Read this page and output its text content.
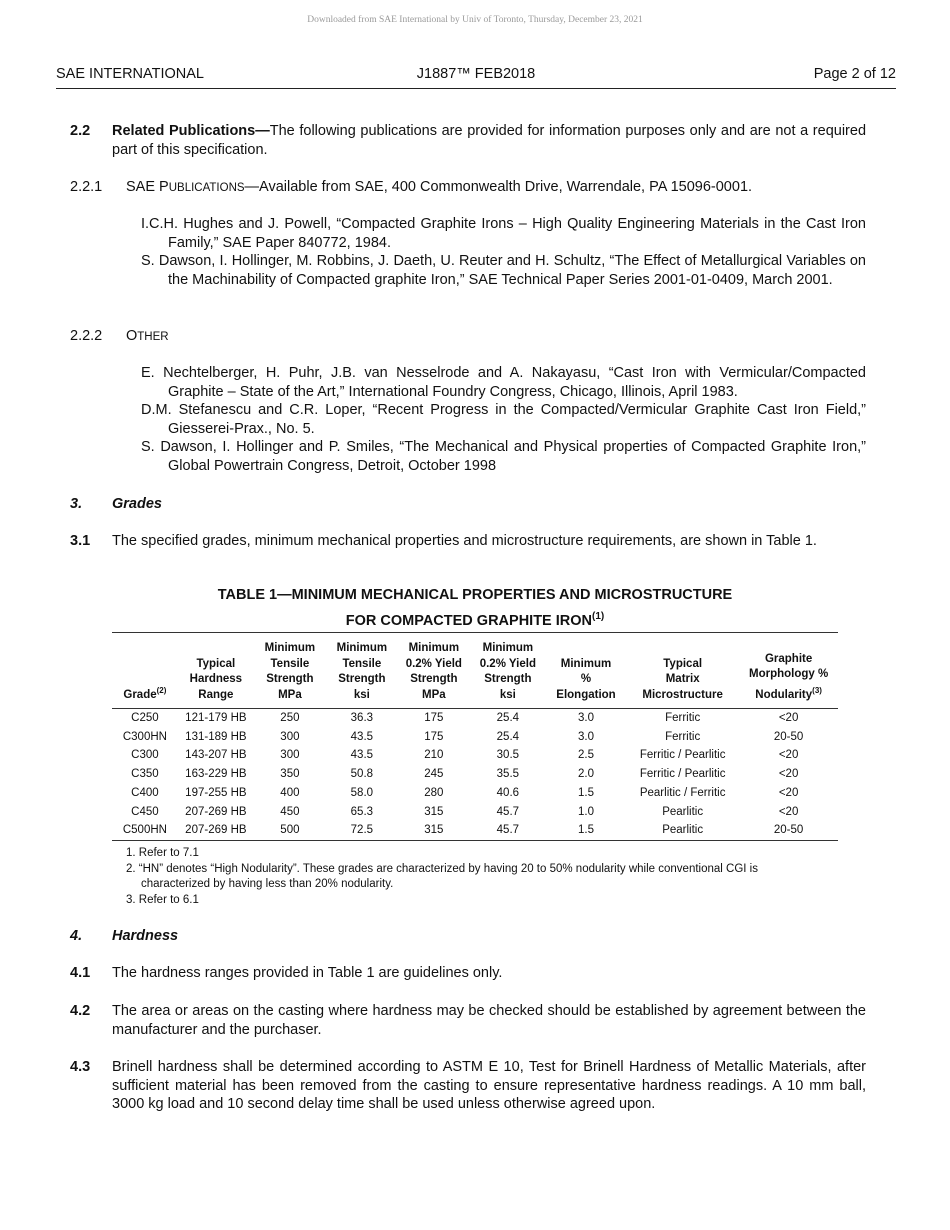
Downloaded from SAE International by Univ of Toronto, Thursday, December 23, 2021
SAE INTERNATIONAL	J1887™ FEB2018	Page 2 of 12
2.2 Related Publications—The following publications are provided for information purposes only and are not a required part of this specification.
2.2.1 SAE PUBLICATIONS—Available from SAE, 400 Commonwealth Drive, Warrendale, PA 15096-0001.

I.C.H. Hughes and J. Powell, “Compacted Graphite Irons – High Quality Engineering Materials in the Cast Iron Family,” SAE Paper 840772, 1984.

S. Dawson, I. Hollinger, M. Robbins, J. Daeth, U. Reuter and H. Schultz, “The Effect of Metallurgical Variables on the Machinability of Compacted graphite Iron,” SAE Technical Paper Series 2001-01-0409, March 2001.

2.2.2 OTHER

E. Nechtelberger, H. Puhr, J.B. van Nesselrode and A. Nakayasu, “Cast Iron with Vermicular/Compacted Graphite – State of the Art,” International Foundry Congress, Chicago, Illinois, April 1983.

D.M. Stefanescu and C.R. Loper, “Recent Progress in the Compacted/Vermicular Graphite Cast Iron Field,” Giesserei-Prax., No. 5.

S. Dawson, I. Hollinger and P. Smiles, “The Mechanical and Physical properties of Compacted Graphite Iron,” Global Powertrain Congress, Detroit, October 1998

3. Grades
3.1 The specified grades, minimum mechanical properties and microstructure requirements, are shown in Table 1.
TABLE 1—MINIMUM MECHANICAL PROPERTIES AND MICROSTRUCTURE
FOR COMPACTED GRAPHITE IRON$^{(1)}$
Grade$^{(2)}$	Typical
Hardness
Range	Minimum
Tensile
Strength
MPa	Minimum
Tensile
Strength
ksi	Minimum
0.2% Yield
Strength
MPa	Minimum
0.2% Yield
Strength
ksi	Minimum
%
Elongation	Typical
Matrix
Microstructure	Graphite
Morphology %
Nodularity$^{(3)}$
C250	121-179 HB	250	36.3	175	25.4	3.0	Ferritic	<20
C300HN	131-189 HB	300	43.5	175	25.4	3.0	Ferritic	20-50
C300	143-207 HB	300	43.5	210	30.5	2.5	Ferritic / Pearlitic	<20
C350	163-229 HB	350	50.8	245	35.5	2.0	Ferritic / Pearlitic	<20
C400	197-255 HB	400	58.0	280	40.6	1.5	Pearlitic / Ferritic	<20
C450	207-269 HB	450	65.3	315	45.7	1.0	Pearlitic	<20
C500HN	207-269 HB	500	72.5	315	45.7	1.5	Pearlitic	20-50

1. Refer to 7.1

2. “HN” denotes “High Nodularity”. These grades are characterized by having 20 to 50% nodularity while conventional CGI is characterized by having less than 20% nodularity.

3. Refer to 6.1

4. Hardness
4.1 The hardness ranges provided in Table 1 are guidelines only.
4.2 The area or areas on the casting where hardness may be checked should be established by agreement between the manufacturer and the purchaser.
4.3 Brinell hardness shall be determined according to ASTM E 10, Test for Brinell Hardness of Metallic Materials, after sufficient material has been removed from the casting to ensure representative hardness readings. A 10 mm ball, 3000 kg load and 10 second delay time shall be used unless otherwise agreed upon.
